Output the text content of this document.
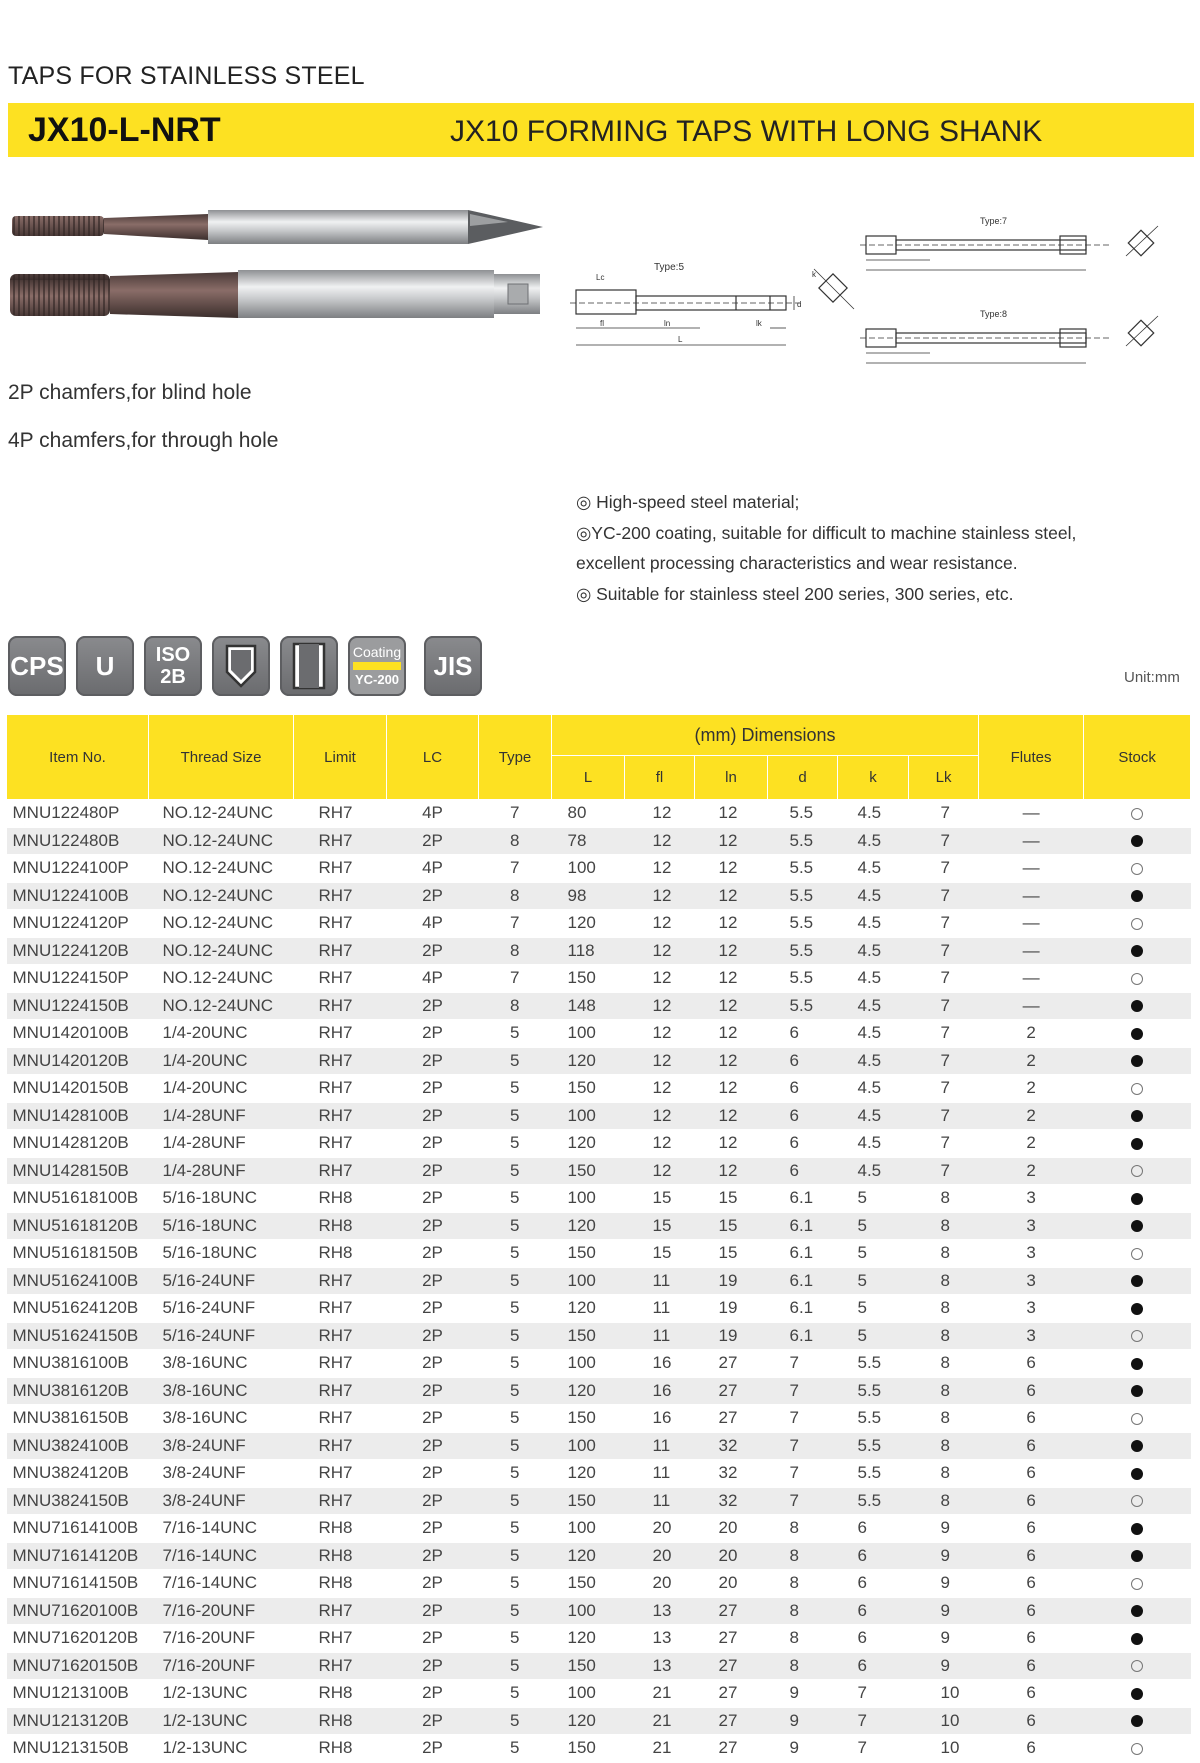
TAPS FOR STAINLESS STEEL
JX10-L-NRT	JX10 FORMING TAPS WITH LONG SHANK
Type:5
Lc
fl	ln	lk
L
d
k
Type:7
Type:8
2P chamfers,for blind hole
4P chamfers,for through hole
◎ High-speed steel material;
◎YC-200 coating, suitable for difficult to machine stainless steel,
excellent processing characteristics and wear resistance.
◎ Suitable for stainless steel 200 series, 300 series, etc.
CPS U ISO
2B
Coating
YC-200 JIS	Unit:mm
Item No.	Thread Size	Limit	LC	Type	(mm) Dimensions						Flutes	Stock
					L	fl	ln	d	k	Lk		
MNU122480P	NO.12-24UNC	RH7	4P	7	80	12	12	5.5	4.5	7	—	
MNU122480B	NO.12-24UNC	RH7	2P	8	78	12	12	5.5	4.5	7	—	
MNU1224100P	NO.12-24UNC	RH7	4P	7	100	12	12	5.5	4.5	7	—	
MNU1224100B	NO.12-24UNC	RH7	2P	8	98	12	12	5.5	4.5	7	—	
MNU1224120P	NO.12-24UNC	RH7	4P	7	120	12	12	5.5	4.5	7	—	
MNU1224120B	NO.12-24UNC	RH7	2P	8	118	12	12	5.5	4.5	7	—	
MNU1224150P	NO.12-24UNC	RH7	4P	7	150	12	12	5.5	4.5	7	—	
MNU1224150B	NO.12-24UNC	RH7	2P	8	148	12	12	5.5	4.5	7	—	
MNU1420100B	1/4-20UNC	RH7	2P	5	100	12	12	6	4.5	7	2	
MNU1420120B	1/4-20UNC	RH7	2P	5	120	12	12	6	4.5	7	2	
MNU1420150B	1/4-20UNC	RH7	2P	5	150	12	12	6	4.5	7	2	
MNU1428100B	1/4-28UNF	RH7	2P	5	100	12	12	6	4.5	7	2	
MNU1428120B	1/4-28UNF	RH7	2P	5	120	12	12	6	4.5	7	2	
MNU1428150B	1/4-28UNF	RH7	2P	5	150	12	12	6	4.5	7	2	
MNU51618100B	5/16-18UNC	RH8	2P	5	100	15	15	6.1	5	8	3	
MNU51618120B	5/16-18UNC	RH8	2P	5	120	15	15	6.1	5	8	3	
MNU51618150B	5/16-18UNC	RH8	2P	5	150	15	15	6.1	5	8	3	
MNU51624100B	5/16-24UNF	RH7	2P	5	100	11	19	6.1	5	8	3	
MNU51624120B	5/16-24UNF	RH7	2P	5	120	11	19	6.1	5	8	3	
MNU51624150B	5/16-24UNF	RH7	2P	5	150	11	19	6.1	5	8	3	
MNU3816100B	3/8-16UNC	RH7	2P	5	100	16	27	7	5.5	8	6	
MNU3816120B	3/8-16UNC	RH7	2P	5	120	16	27	7	5.5	8	6	
MNU3816150B	3/8-16UNC	RH7	2P	5	150	16	27	7	5.5	8	6	
MNU3824100B	3/8-24UNF	RH7	2P	5	100	11	32	7	5.5	8	6	
MNU3824120B	3/8-24UNF	RH7	2P	5	120	11	32	7	5.5	8	6	
MNU3824150B	3/8-24UNF	RH7	2P	5	150	11	32	7	5.5	8	6	
MNU71614100B	7/16-14UNC	RH8	2P	5	100	20	20	8	6	9	6	
MNU71614120B	7/16-14UNC	RH8	2P	5	120	20	20	8	6	9	6	
MNU71614150B	7/16-14UNC	RH8	2P	5	150	20	20	8	6	9	6	
MNU71620100B	7/16-20UNF	RH7	2P	5	100	13	27	8	6	9	6	
MNU71620120B	7/16-20UNF	RH7	2P	5	120	13	27	8	6	9	6	
MNU71620150B	7/16-20UNF	RH7	2P	5	150	13	27	8	6	9	6	
MNU1213100B	1/2-13UNC	RH8	2P	5	100	21	27	9	7	10	6	
MNU1213120B	1/2-13UNC	RH8	2P	5	120	21	27	9	7	10	6	
MNU1213150B	1/2-13UNC	RH8	2P	5	150	21	27	9	7	10	6	
